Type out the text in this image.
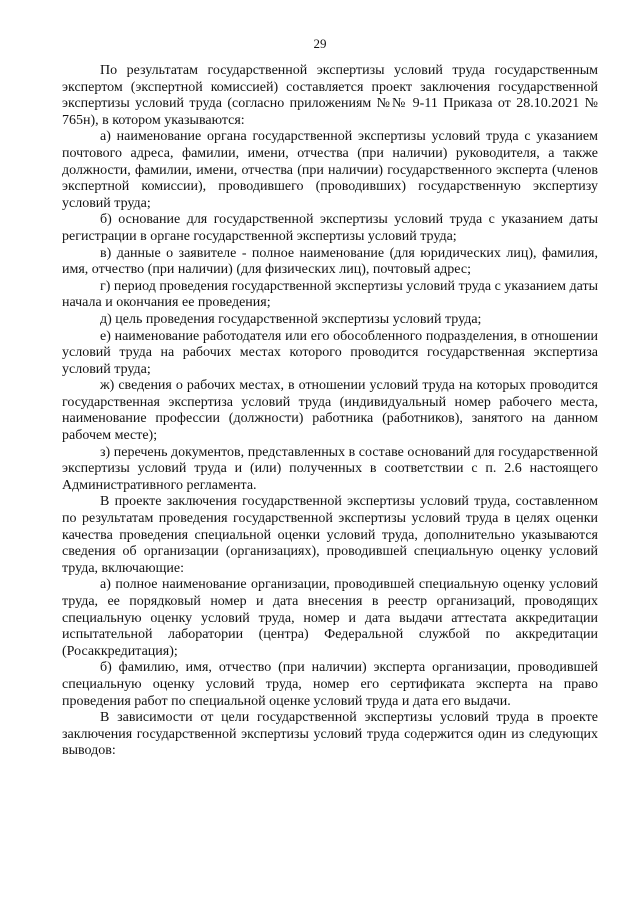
29

По результатам государственной экспертизы условий труда государственным экспертом (экспертной комиссией) составляется проект заключения государственной экспертизы условий труда (согласно приложениям №№ 9-11 Приказа от 28.10.2021 № 765н), в котором указываются:

а) наименование органа государственной экспертизы условий труда с указанием почтового адреса, фамилии, имени, отчества (при наличии) руководителя, а также должности, фамилии, имени, отчества (при наличии) государственного эксперта (членов экспертной комиссии), проводившего (проводивших) государственную экспертизу условий труда;

б) основание для государственной экспертизы условий труда с указанием даты регистрации в органе государственной экспертизы условий труда;

в) данные о заявителе - полное наименование (для юридических лиц), фамилия, имя, отчество (при наличии) (для физических лиц), почтовый адрес;

г) период проведения государственной экспертизы условий труда с указанием даты начала и окончания ее проведения;

д) цель проведения государственной экспертизы условий труда;

е) наименование работодателя или его обособленного подразделения, в отношении условий труда на рабочих местах которого проводится государственная экспертиза условий труда;

ж) сведения о рабочих местах, в отношении условий труда на которых проводится государственная экспертиза условий труда (индивидуальный номер рабочего места, наименование профессии (должности) работника (работников), занятого на данном рабочем месте);

з) перечень документов, представленных в составе оснований для государственной экспертизы условий труда и (или) полученных в соответствии с п. 2.6 настоящего Административного регламента.

В проекте заключения государственной экспертизы условий труда, составленном по результатам проведения государственной экспертизы условий труда в целях оценки качества проведения специальной оценки условий труда, дополнительно указываются сведения об организации (организациях), проводившей специальную оценку условий труда, включающие:

а) полное наименование организации, проводившей специальную оценку условий труда, ее порядковый номер и дата внесения в реестр организаций, проводящих специальную оценку условий труда, номер и дата выдачи аттестата аккредитации испытательной лаборатории (центра) Федеральной службой по аккредитации (Росаккредитация);

б) фамилию, имя, отчество (при наличии) эксперта организации, проводившей специальную оценку условий труда, номер его сертификата эксперта на право проведения работ по специальной оценке условий труда и дата его выдачи.

В зависимости от цели государственной экспертизы условий труда в проекте заключения государственной экспертизы условий труда содержится один из следующих выводов:
